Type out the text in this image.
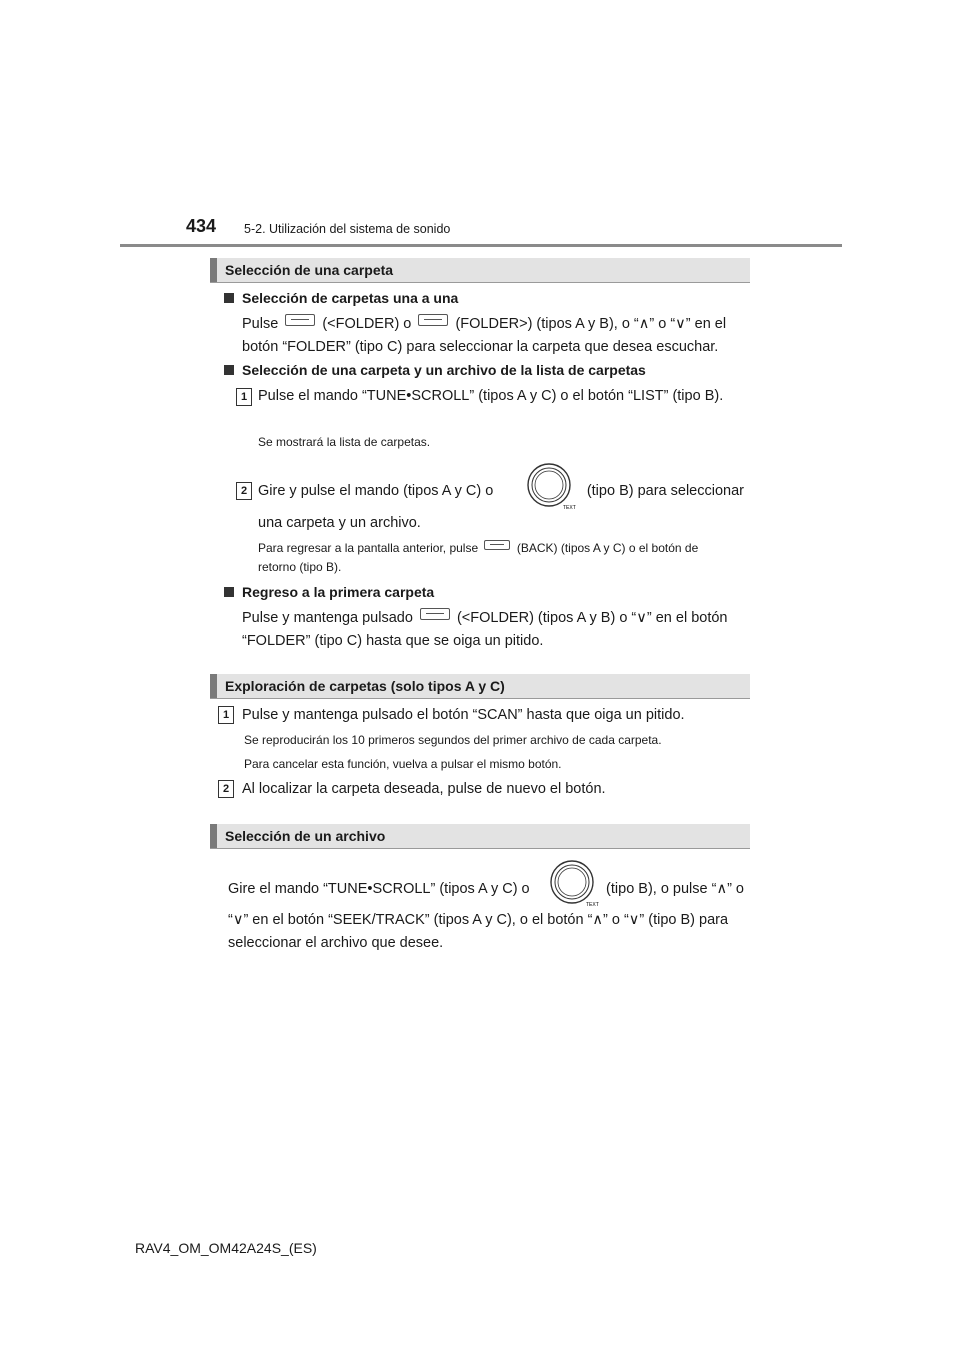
434 5-2. Utilización del sistema de sonido
Selección de una carpeta
Selección de carpetas una a una
Pulse	(<FOLDER) o	(FOLDER>) (tipos A y B), o “∧” o “∨” en el
botón “FOLDER” (tipo C) para seleccionar la carpeta que desea escuchar.
Selección de una carpeta y un archivo de la lista de carpetas
1 Pulse el mando “TUNE•SCROLL” (tipos A y C) o el botón “LIST” (tipo B).
Se mostrará la lista de carpetas.
2 Gire y pulse el mando (tipos A y C) o
TEXT
(tipo B) para seleccionar
una carpeta y un archivo.
Para regresar a la pantalla anterior, pulse	(BACK) (tipos A y C) o el botón de
retorno (tipo B).
Regreso a la primera carpeta
Pulse y mantenga pulsado	(<FOLDER) (tipos A y B) o “∨” en el botón
“FOLDER” (tipo C) hasta que se oiga un pitido.
Exploración de carpetas (solo tipos A y C)
1 Pulse y mantenga pulsado el botón “SCAN” hasta que oiga un pitido.
Se reproducirán los 10 primeros segundos del primer archivo de cada carpeta.
Para cancelar esta función, vuelva a pulsar el mismo botón.
2 Al localizar la carpeta deseada, pulse de nuevo el botón.
Selección de un archivo
Gire el mando “TUNE•SCROLL” (tipos A y C) o
TEXT
(tipo B), o pulse “∧” o
“∨” en el botón “SEEK/TRACK” (tipos A y C), o el botón “∧” o “∨” (tipo B) para
seleccionar el archivo que desee.
RAV4_OM_OM42A24S_(ES)
